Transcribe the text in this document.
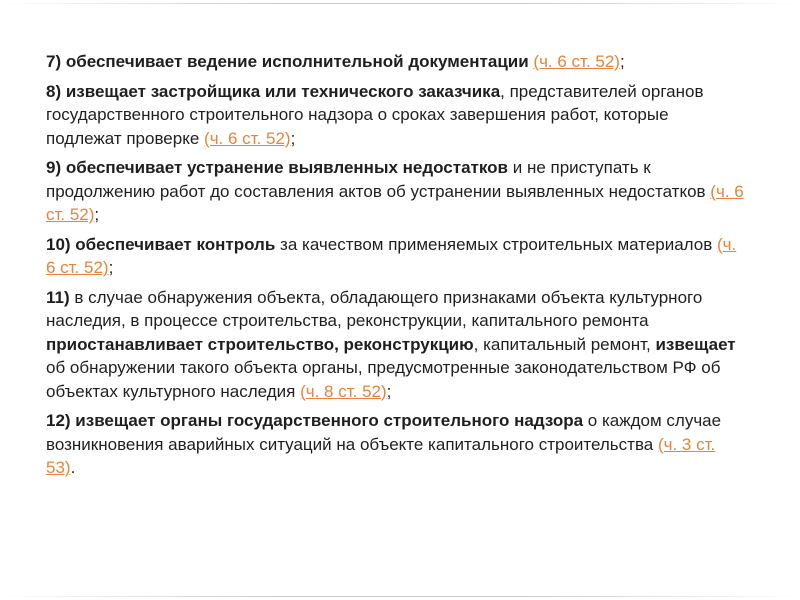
7) обеспечивает ведение исполнительной документации (ч. 6 ст. 52);

8) извещает застройщика или технического заказчика, представителей органов государственного строительного надзора о сроках завершения работ, которые подлежат проверке (ч. 6 ст. 52);

9) обеспечивает устранение выявленных недостатков и не приступать к продолжению работ до составления актов об устранении выявленных недостатков (ч. 6 ст. 52);

10) обеспечивает контроль за качеством применяемых строительных материалов (ч. 6 ст. 52);

11) в случае обнаружения объекта, обладающего признаками объекта культурного наследия, в процессе строительства, реконструкции, капитального ремонта приостанавливает строительство, реконструкцию, капитальный ремонт, извещает об обнаружении такого объекта органы, предусмотренные законодательством РФ об объектах культурного наследия (ч. 8 ст. 52);

12) извещает органы государственного строительного надзора о каждом случае возникновения аварийных ситуаций на объекте капитального строительства (ч. 3 ст. 53).
